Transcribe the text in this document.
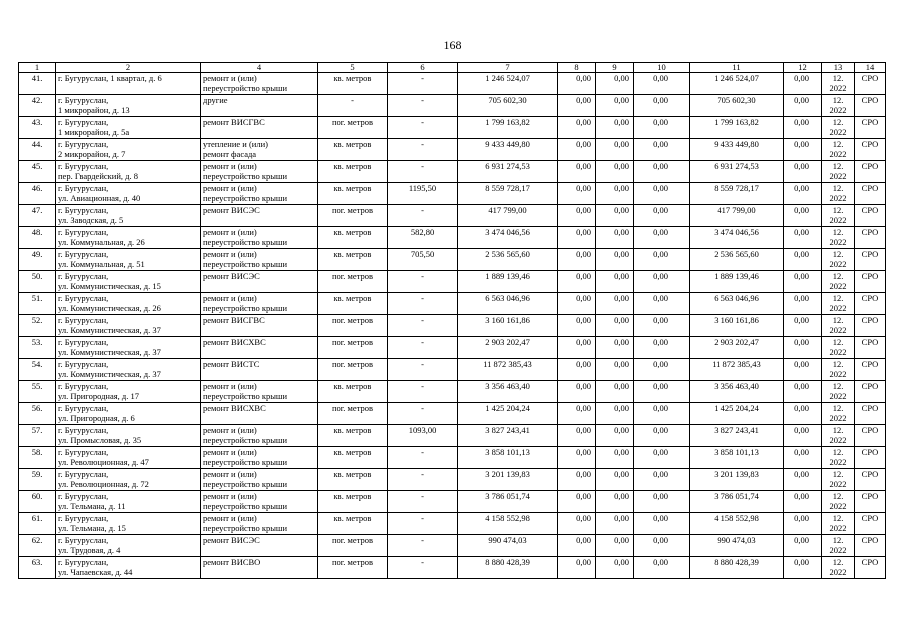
168
1	2	4	5	6	7	8	9	10	11	12	13	14
41.	г. Бугуруслан, 1 квартал, д. 6	ремонт и (или)
переустройство крыши	кв. метров	-	1 246 524,07	0,00	0,00	0,00	1 246 524,07	0,00	12.
2022	СРО
42.	г. Бугуруслан,
1 микрорайон, д. 13	другие	-	-	705 602,30	0,00	0,00	0,00	705 602,30	0,00	12.
2022	СРО
43.	г. Бугуруслан,
1 микрорайон, д. 5а	ремонт ВИСГВС	пог. метров	-	1 799 163,82	0,00	0,00	0,00	1 799 163,82	0,00	12.
2022	СРО
44.	г. Бугуруслан,
2 микрорайон, д. 7	утепление и (или)
ремонт фасада	кв. метров	-	9 433 449,80	0,00	0,00	0,00	9 433 449,80	0,00	12.
2022	СРО
45.	г. Бугуруслан,
пер. Гвардейский, д. 8	ремонт и (или)
переустройство крыши	кв. метров	-	6 931 274,53	0,00	0,00	0,00	6 931 274,53	0,00	12.
2022	СРО
46.	г. Бугуруслан,
ул. Авиационная, д. 40	ремонт и (или)
переустройство крыши	кв. метров	1195,50	8 559 728,17	0,00	0,00	0,00	8 559 728,17	0,00	12.
2022	СРО
47.	г. Бугуруслан,
ул. Заводская, д. 5	ремонт ВИСЭС	пог. метров	-	417 799,00	0,00	0,00	0,00	417 799,00	0,00	12.
2022	СРО
48.	г. Бугуруслан,
ул. Коммунальная, д. 26	ремонт и (или)
переустройство крыши	кв. метров	582,80	3 474 046,56	0,00	0,00	0,00	3 474 046,56	0,00	12.
2022	СРО
49.	г. Бугуруслан,
ул. Коммунальная, д. 51	ремонт и (или)
переустройство крыши	кв. метров	705,50	2 536 565,60	0,00	0,00	0,00	2 536 565,60	0,00	12.
2022	СРО
50.	г. Бугуруслан,
ул. Коммунистическая, д. 15	ремонт ВИСЭС	пог. метров	-	1 889 139,46	0,00	0,00	0,00	1 889 139,46	0,00	12.
2022	СРО
51.	г. Бугуруслан,
ул. Коммунистическая, д. 26	ремонт и (или)
переустройство крыши	кв. метров	-	6 563 046,96	0,00	0,00	0,00	6 563 046,96	0,00	12.
2022	СРО
52.	г. Бугуруслан,
ул. Коммунистическая, д. 37	ремонт ВИСГВС	пог. метров	-	3 160 161,86	0,00	0,00	0,00	3 160 161,86	0,00	12.
2022	СРО
53.	г. Бугуруслан,
ул. Коммунистическая, д. 37	ремонт ВИСХВС	пог. метров	-	2 903 202,47	0,00	0,00	0,00	2 903 202,47	0,00	12.
2022	СРО
54.	г. Бугуруслан,
ул. Коммунистическая, д. 37	ремонт ВИСТС	пог. метров	-	11 872 385,43	0,00	0,00	0,00	11 872 385,43	0,00	12.
2022	СРО
55.	г. Бугуруслан,
ул. Пригородная, д. 17	ремонт и (или)
переустройство крыши	кв. метров	-	3 356 463,40	0,00	0,00	0,00	3 356 463,40	0,00	12.
2022	СРО
56.	г. Бугуруслан,
ул. Пригородная, д. 6	ремонт ВИСХВС	пог. метров	-	1 425 204,24	0,00	0,00	0,00	1 425 204,24	0,00	12.
2022	СРО
57.	г. Бугуруслан,
ул. Промысловая, д. 35	ремонт и (или)
переустройство крыши	кв. метров	1093,00	3 827 243,41	0,00	0,00	0,00	3 827 243,41	0,00	12.
2022	СРО
58.	г. Бугуруслан,
ул. Революционная, д. 47	ремонт и (или)
переустройство крыши	кв. метров	-	3 858 101,13	0,00	0,00	0,00	3 858 101,13	0,00	12.
2022	СРО
59.	г. Бугуруслан,
ул. Революционная, д. 72	ремонт и (или)
переустройство крыши	кв. метров	-	3 201 139,83	0,00	0,00	0,00	3 201 139,83	0,00	12.
2022	СРО
60.	г. Бугуруслан,
ул. Тельмана, д. 11	ремонт и (или)
переустройство крыши	кв. метров	-	3 786 051,74	0,00	0,00	0,00	3 786 051,74	0,00	12.
2022	СРО
61.	г. Бугуруслан,
ул. Тельмана, д. 15	ремонт и (или)
переустройство крыши	кв. метров	-	4 158 552,98	0,00	0,00	0,00	4 158 552,98	0,00	12.
2022	СРО
62.	г. Бугуруслан,
ул. Трудовая, д. 4	ремонт ВИСЭС	пог. метров	-	990 474,03	0,00	0,00	0,00	990 474,03	0,00	12.
2022	СРО
63.	г. Бугуруслан,
ул. Чапаевская, д. 44	ремонт ВИСВО	пог. метров	-	8 880 428,39	0,00	0,00	0,00	8 880 428,39	0,00	12.
2022	СРО
